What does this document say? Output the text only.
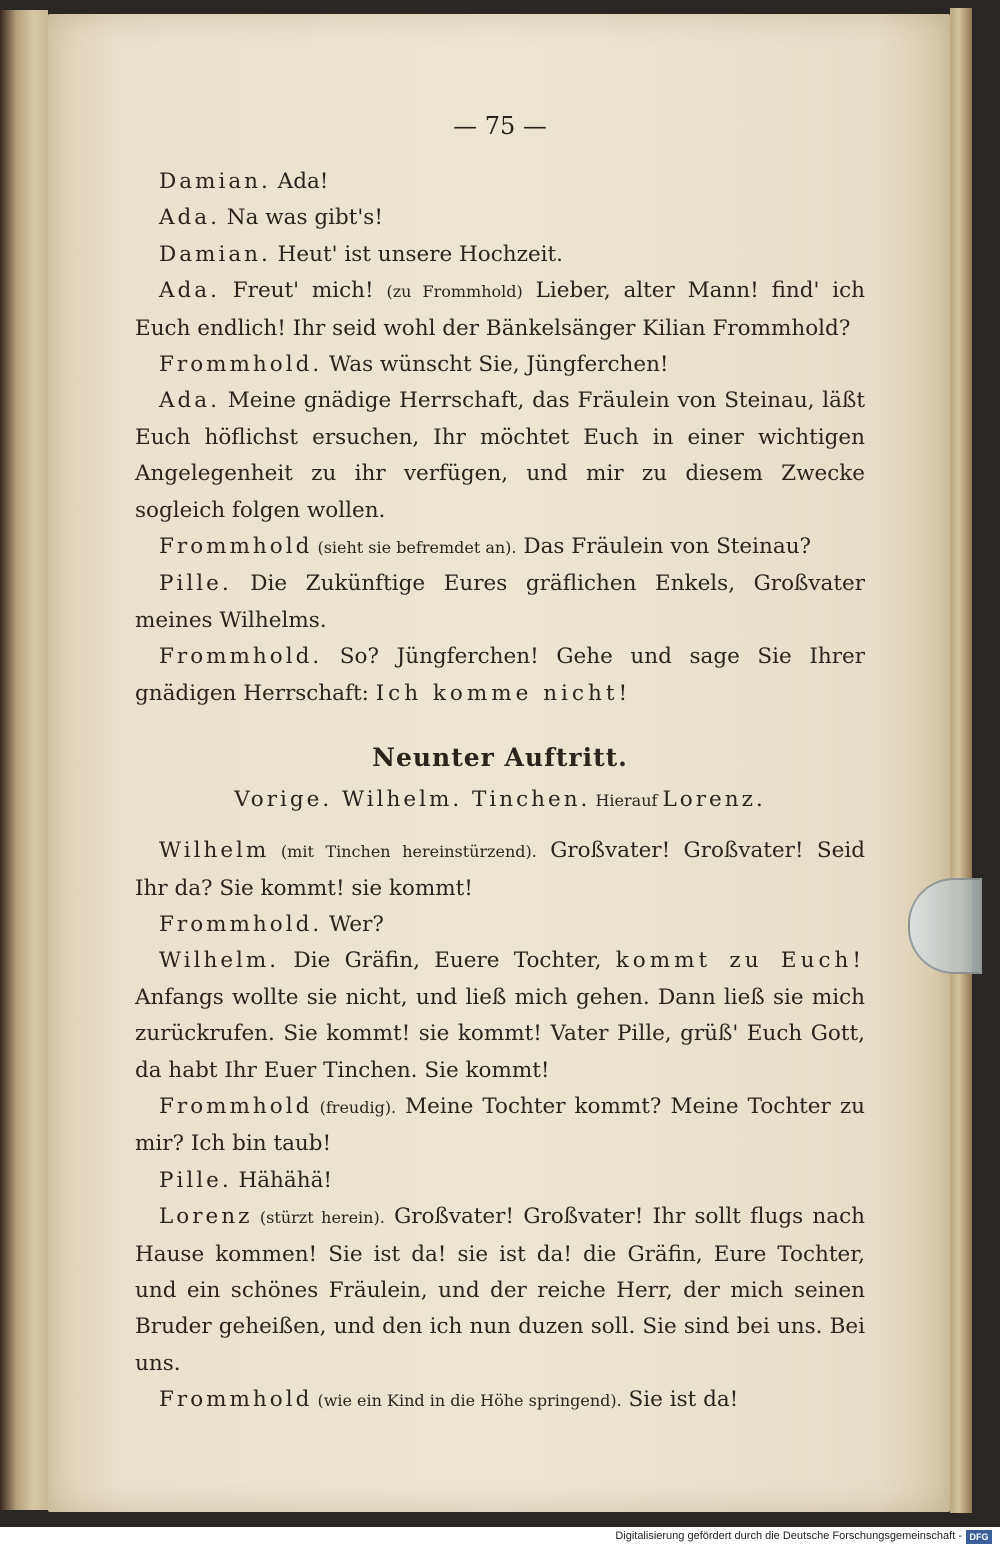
— 75 —

Damian. Ada!

Ada. Na was gibt's!

Damian. Heut' ist unsere Hochzeit.

Ada. Freut' mich! (zu Frommhold) Lieber, alter Mann! find' ich Euch endlich! Ihr seid wohl der Bänkelsänger Kilian Frommhold?

Frommhold. Was wünscht Sie, Jüngferchen!

Ada. Meine gnädige Herrschaft, das Fräulein von Steinau, läßt Euch höflichst ersuchen, Ihr möchtet Euch in einer wichtigen Angelegenheit zu ihr verfügen, und mir zu diesem Zwecke sogleich folgen wollen.

Frommhold (sieht sie befremdet an). Das Fräulein von Steinau?

Pille. Die Zukünftige Eures gräflichen Enkels, Großvater meines Wilhelms.

Frommhold. So? Jüngferchen! Gehe und sage Sie Ihrer gnädigen Herrschaft: Ich komme nicht!

Neunter Auftritt.
Vorige. Wilhelm. Tinchen. Hierauf Lorenz.

Wilhelm (mit Tinchen hereinstürzend). Großvater! Großvater! Seid Ihr da? Sie kommt! sie kommt!

Frommhold. Wer?

Wilhelm. Die Gräfin, Euere Tochter, kommt zu Euch! Anfangs wollte sie nicht, und ließ mich gehen. Dann ließ sie mich zurückrufen. Sie kommt! sie kommt! Vater Pille, grüß' Euch Gott, da habt Ihr Euer Tinchen. Sie kommt!

Frommhold (freudig). Meine Tochter kommt? Meine Tochter zu mir? Ich bin taub!

Pille. Hähähä!

Lorenz (stürzt herein). Großvater! Großvater! Ihr sollt flugs nach Hause kommen! Sie ist da! sie ist da! die Gräfin, Eure Tochter, und ein schönes Fräulein, und der reiche Herr, der mich seinen Bruder geheißen, und den ich nun duzen soll. Sie sind bei uns. Bei uns.

Frommhold (wie ein Kind in die Höhe springend). Sie ist da!

Digitalisierung gefördert durch die Deutsche Forschungsgemeinschaft - DFG
